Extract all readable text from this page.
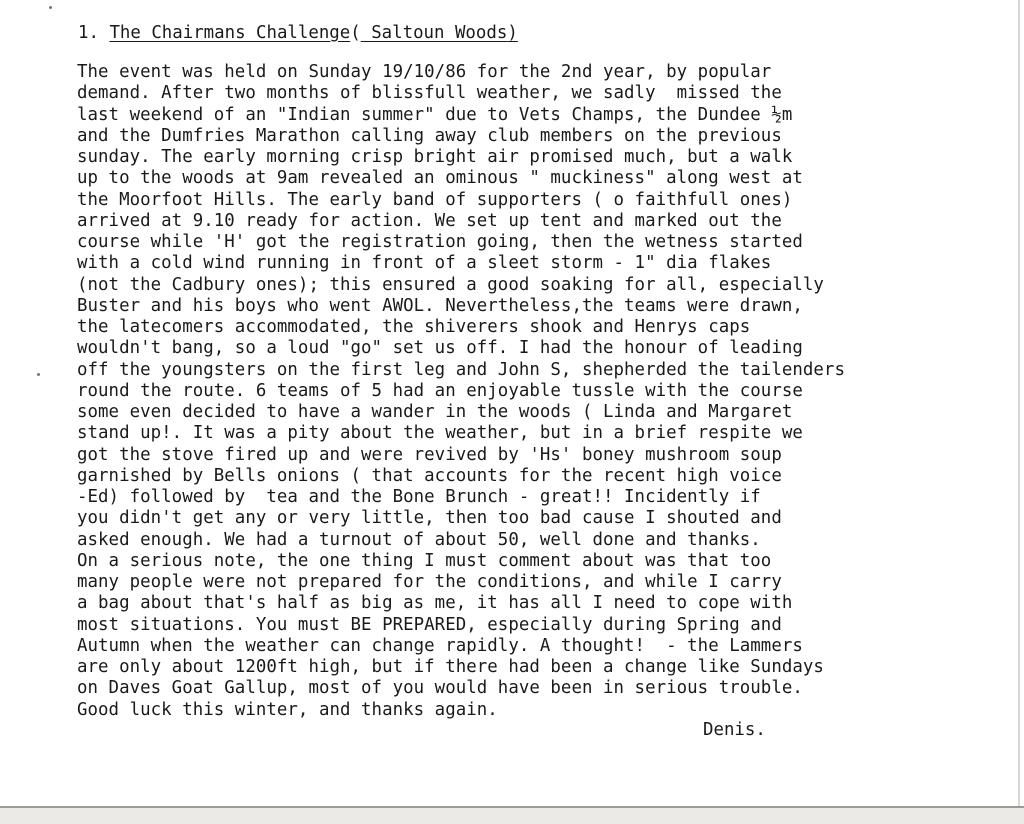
1. The Chairmans Challenge( Saltoun Woods)
The event was held on Sunday 19/10/86 for the 2nd year, by popular
demand. After two months of blissfull weather, we sadly  missed the
last weekend of an "Indian summer" due to Vets Champs, the Dundee ½m
and the Dumfries Marathon calling away club members on the previous
sunday. The early morning crisp bright air promised much, but a walk
up to the woods at 9am revealed an ominous " muckiness" along west at
the Moorfoot Hills. The early band of supporters ( o faithfull ones)
arrived at 9.10 ready for action. We set up tent and marked out the
course while 'H' got the registration going, then the wetness started
with a cold wind running in front of a sleet storm - 1" dia flakes
(not the Cadbury ones); this ensured a good soaking for all, especially
Buster and his boys who went AWOL. Nevertheless,the teams were drawn,
the latecomers accommodated, the shiverers shook and Henrys caps
wouldn't bang, so a loud "go" set us off. I had the honour of leading
off the youngsters on the first leg and John S, shepherded the tailenders
round the route. 6 teams of 5 had an enjoyable tussle with the course
some even decided to have a wander in the woods ( Linda and Margaret
stand up!. It was a pity about the weather, but in a brief respite we
got the stove fired up and were revived by 'Hs' boney mushroom soup
garnished by Bells onions ( that accounts for the recent high voice
-Ed) followed by  tea and the Bone Brunch - great!! Incidently if
you didn't get any or very little, then too bad cause I shouted and
asked enough. We had a turnout of about 50, well done and thanks.
On a serious note, the one thing I must comment about was that too
many people were not prepared for the conditions, and while I carry
a bag about that's half as big as me, it has all I need to cope with
most situations. You must BE PREPARED, especially during Spring and
Autumn when the weather can change rapidly. A thought!  - the Lammers
are only about 1200ft high, but if there had been a change like Sundays
on Daves Goat Gallup, most of you would have been in serious trouble.
Good luck this winter, and thanks again.
Denis.
